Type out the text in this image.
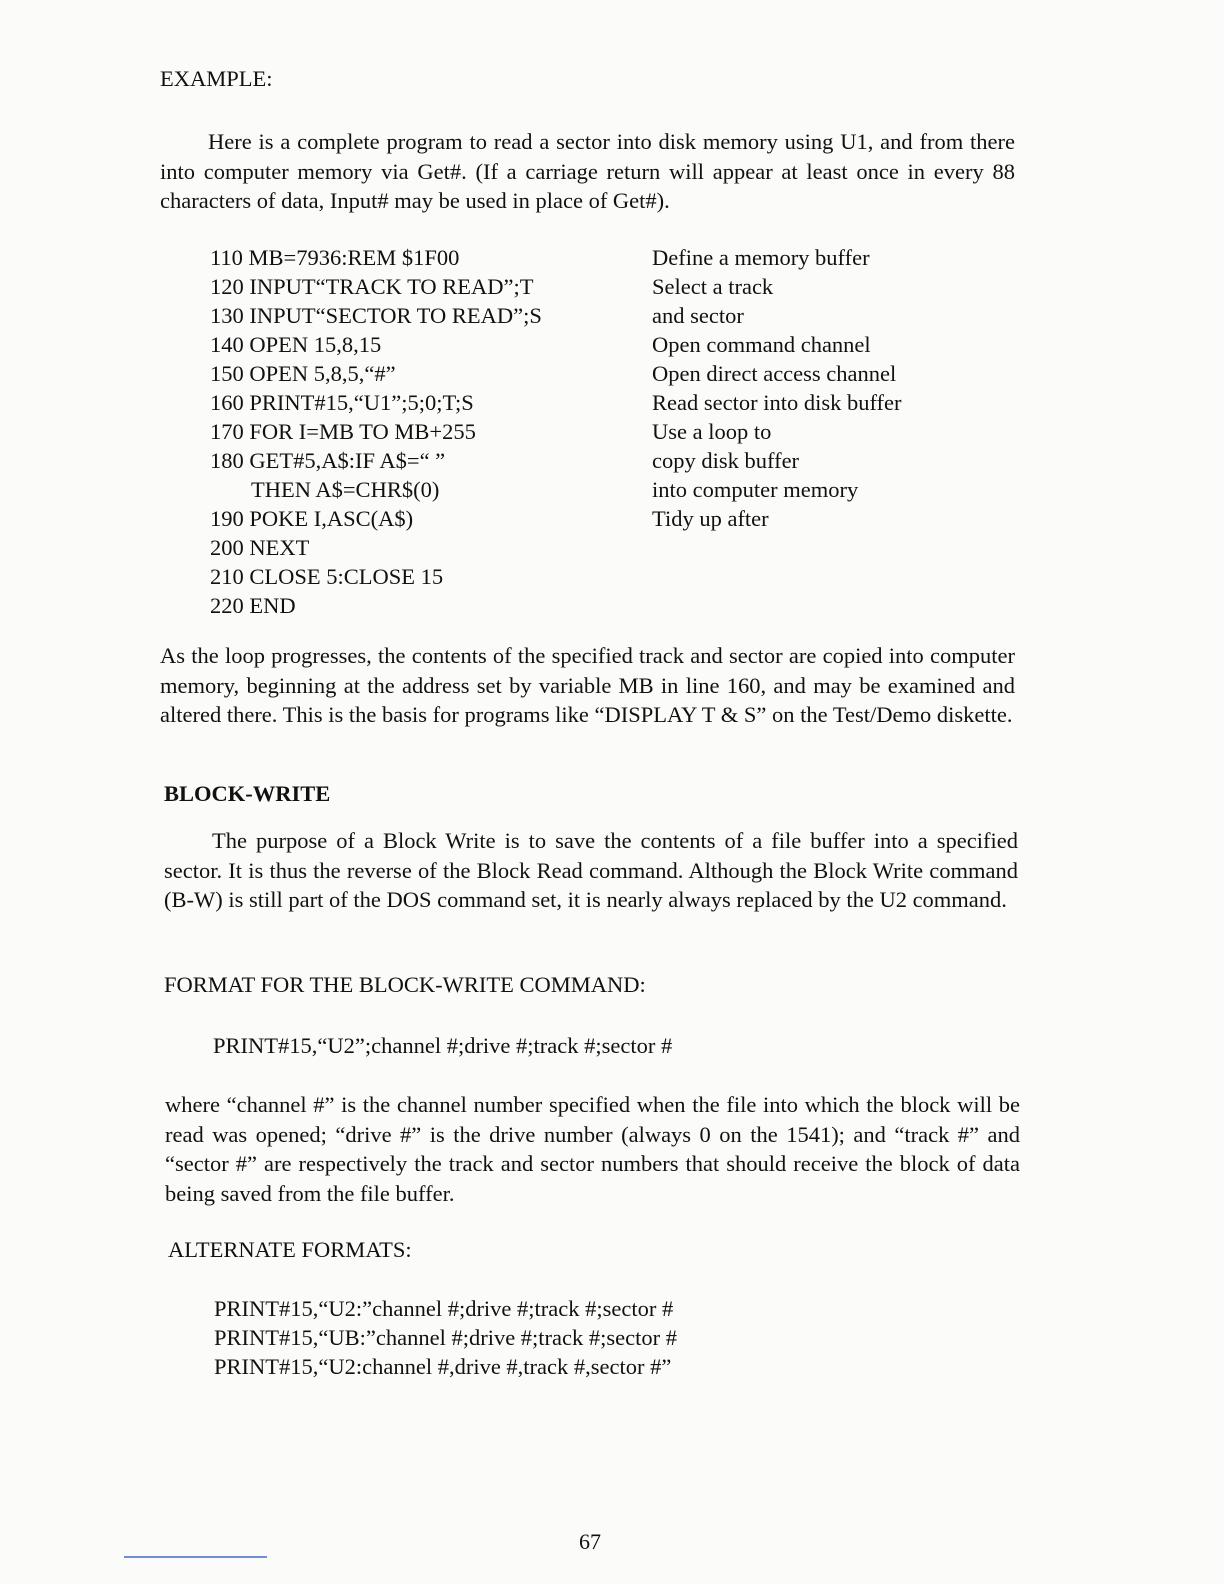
EXAMPLE:

Here is a complete program to read a sector into disk memory using U1, and from there into computer memory via Get#. (If a carriage return will appear at least once in every 88 characters of data, Input# may be used in place of Get#).

110 MB=7936:REM $1F00
120 INPUT“TRACK TO READ”;T
130 INPUT“SECTOR TO READ”;S
140 OPEN 15,8,15
150 OPEN 5,8,5,“#”
160 PRINT#15,“U1”;5;0;T;S
170 FOR I=MB TO MB+255
180 GET#5,A$:IF A$=“ ”
THEN A$=CHR$(0)
190 POKE I,ASC(A$)
200 NEXT
210 CLOSE 5:CLOSE 15
220 END
Define a memory buffer
Select a track
and sector
Open command channel
Open direct access channel
Read sector into disk buffer
Use a loop to
copy disk buffer
into computer memory
Tidy up after

As the loop progresses, the contents of the specified track and sector are copied into computer memory, beginning at the address set by variable MB in line 160, and may be examined and altered there. This is the basis for programs like “DISPLAY T & S” on the Test/Demo diskette.

BLOCK-WRITE

The purpose of a Block Write is to save the contents of a file buffer into a specified sector. It is thus the reverse of the Block Read command. Although the Block Write command (B-W) is still part of the DOS command set, it is nearly always replaced by the U2 command.

FORMAT FOR THE BLOCK-WRITE COMMAND:
PRINT#15,“U2”;channel #;drive #;track #;sector #

where “channel #” is the channel number specified when the file into which the block will be read was opened; “drive #” is the drive number (always 0 on the 1541); and “track #” and “sector #” are respectively the track and sector numbers that should receive the block of data being saved from the file buffer.

ALTERNATE FORMATS:
PRINT#15,“U2:”channel #;drive #;track #;sector #
PRINT#15,“UB:”channel #;drive #;track #;sector #
PRINT#15,“U2:channel #,drive #,track #,sector #”
67
